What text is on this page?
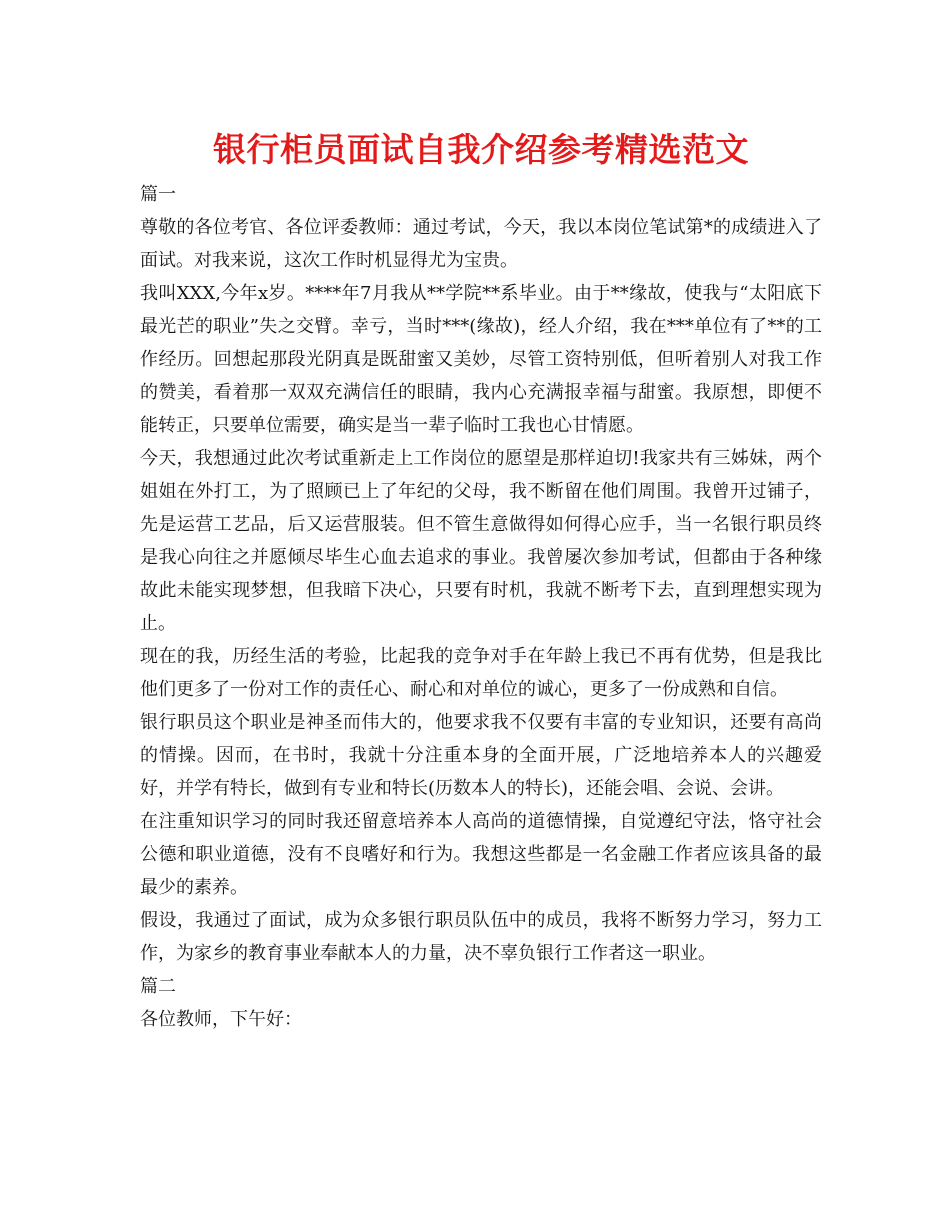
银行柜员面试自我介绍参考精选范文

篇一

尊敬的各位考官、各位评委教师：通过考试，今天，我以本岗位笔试第*的成绩进入了面试。对我来说，这次工作时机显得尤为宝贵。

我叫XXX,今年x岁。****年7月我从**学院**系毕业。由于**缘故，使我与“太阳底下最光芒的职业”失之交臂。幸亏，当时***(缘故)，经人介绍，我在***单位有了**的工作经历。回想起那段光阴真是既甜蜜又美妙，尽管工资特别低，但听着别人对我工作的赞美，看着那一双双充满信任的眼睛，我内心充满报幸福与甜蜜。我原想，即便不能转正，只要单位需要，确实是当一辈子临时工我也心甘情愿。

今天，我想通过此次考试重新走上工作岗位的愿望是那样迫切!我家共有三姊妹，两个姐姐在外打工，为了照顾已上了年纪的父母，我不断留在他们周围。我曾开过铺子，先是运营工艺品，后又运营服装。但不管生意做得如何得心应手，当一名银行职员终是我心向往之并愿倾尽毕生心血去追求的事业。我曾屡次参加考试，但都由于各种缘故此未能实现梦想，但我暗下决心，只要有时机，我就不断考下去，直到理想实现为止。

现在的我，历经生活的考验，比起我的竞争对手在年龄上我已不再有优势，但是我比他们更多了一份对工作的责任心、耐心和对单位的诚心，更多了一份成熟和自信。

银行职员这个职业是神圣而伟大的，他要求我不仅要有丰富的专业知识，还要有高尚的情操。因而，在书时，我就十分注重本身的全面开展，广泛地培养本人的兴趣爱好，并学有特长，做到有专业和特长(历数本人的特长)，还能会唱、会说、会讲。

在注重知识学习的同时我还留意培养本人高尚的道德情操，自觉遵纪守法，恪守社会公德和职业道德，没有不良嗜好和行为。我想这些都是一名金融工作者应该具备的最最少的素养。

假设，我通过了面试，成为众多银行职员队伍中的成员，我将不断努力学习，努力工作，为家乡的教育事业奉献本人的力量，决不辜负银行工作者这一职业。

篇二

各位教师，下午好：
